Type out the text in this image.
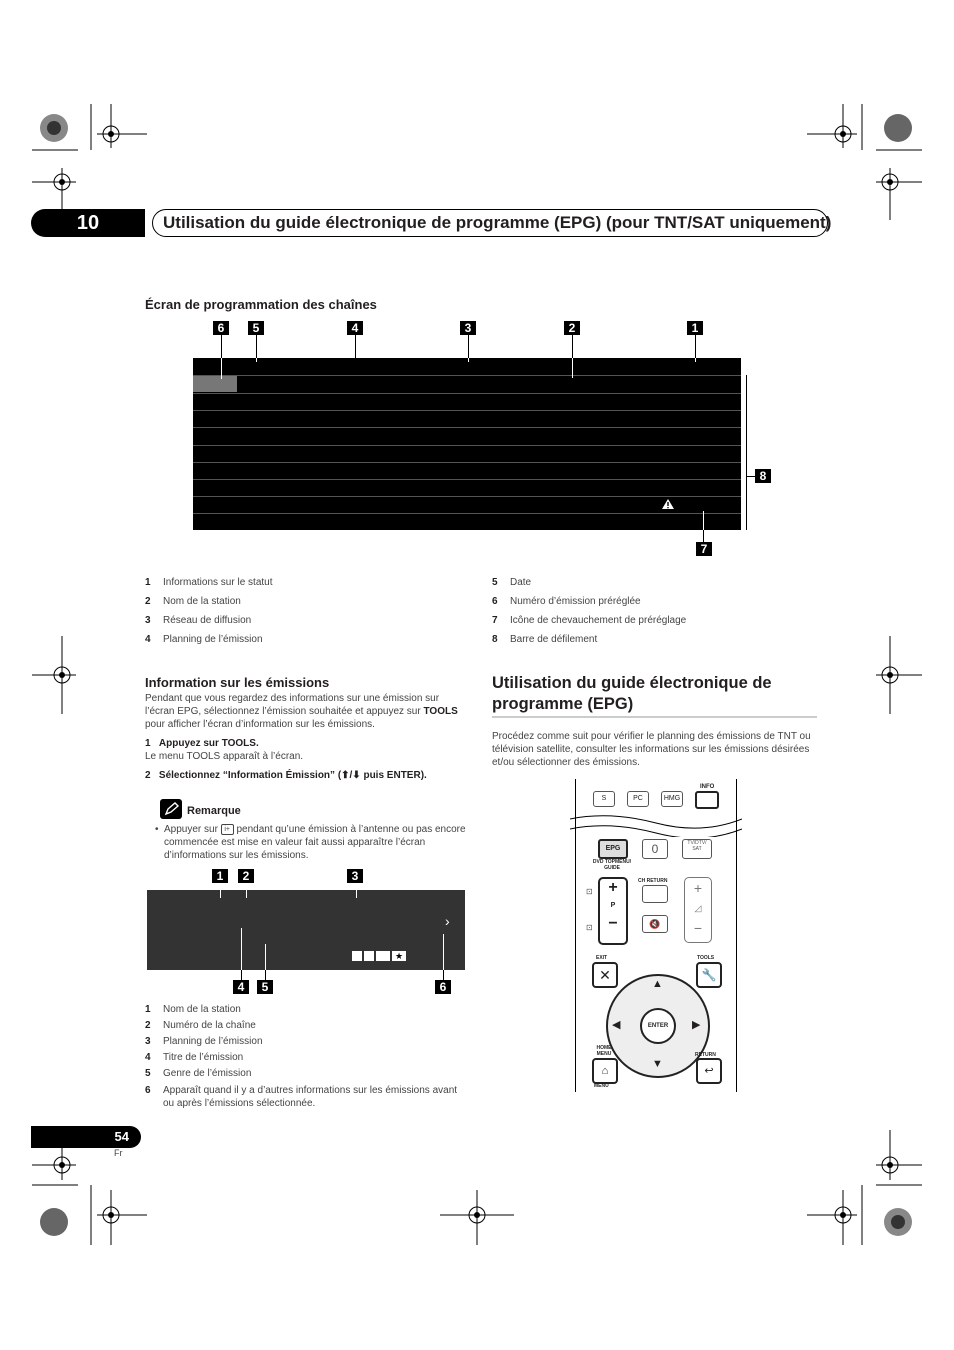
10	Utilisation du guide électronique de programme (EPG) (pour TNT/SAT uniquement)
Écran de programmation des chaînes
6	5	4	3	2	1
8
7
1	Informations sur le statut
2	Nom de la station
3	Réseau de diffusion
4	Planning de l’émission
5	Date
6	Numéro d’émission préréglée
7	Icône de chevauchement de préréglage
8	Barre de défilement
Information sur les émissions
Pendant que vous regardez des informations sur une émission sur l’écran EPG, sélectionnez l’émission souhaitée et appuyez sur TOOLS pour afficher l’écran d’information sur les émissions.
1 Appuyez sur TOOLS.
Le menu TOOLS apparaît à l’écran.
2 Sélectionnez “Information Émission” (⬆/⬇ puis ENTER).
Remarque
• Appuyer sur i+ pendant qu’une émission à l’antenne ou pas encore commencée est mise en valeur fait aussi apparaître l’écran d’informations sur les émissions.
1	2	3
›
★
4	5	6
1	Nom de la station
2	Numéro de la chaîne
3	Planning de l’émission
4	Titre de l’émission
5	Genre de l’émission
6	Apparaît quand il y a d’autres informations sur les émissions avant ou après l’émissions sélectionnée.
Utilisation du guide électronique de programme (EPG)
Procédez comme suit pour vérifier le planning des émissions de TNT ou télévision satellite, consulter les informations sur les émissions désirées et/ou sélectionner des émissions.
S	PC	HMG
INFO
EPG	0	TV/DTV/ SAT
DVD TOPMENU/ GUIDE
CH RETURN
🔇
+
P
−
+
◿
−
⊡
⊡
EXIT
✕
TOOLS
🔧
▲
▼
◀	▶
ENTER
HOME MENU
⌂
MENU
RETURN
↩
54
Fr
